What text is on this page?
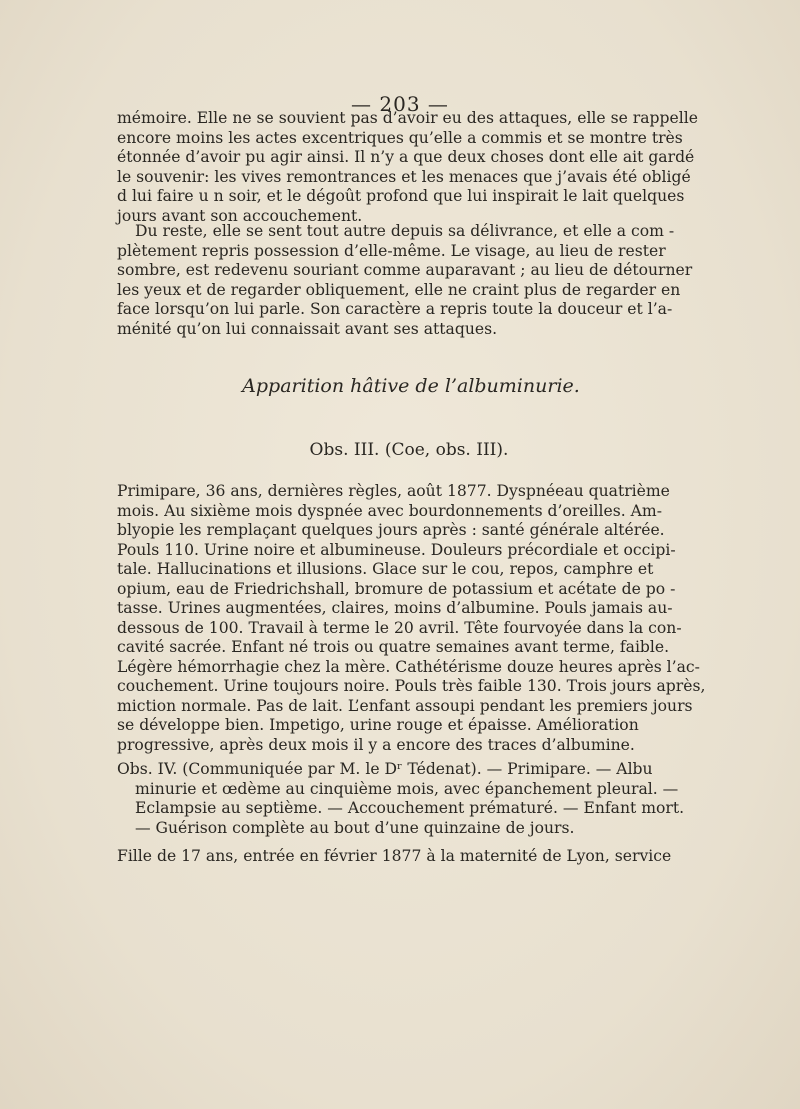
— 203 —
mémoire. Elle ne se souvient pas d’avoir eu des attaques, elle se rappelle
encore moins les actes excentriques qu’elle a commis et se montre très
étonnée d’avoir pu agir ainsi. Il n’y a que deux choses dont elle ait gardé
le souvenir: les vives remontrances et les menaces que j’avais été obligé
d lui faire u n soir, et le dégoût profond que lui inspirait le lait quelques
jours avant son accouchement.
Du reste, elle se sent tout autre depuis sa délivrance, et elle a com -
plètement repris possession d’elle-même. Le visage, au lieu de rester
sombre, est redevenu souriant comme auparavant ; au lieu de détourner
les yeux et de regarder obliquement, elle ne craint plus de regarder en
face lorsqu’on lui parle. Son caractère a repris toute la douceur et l’a-
ménité qu’on lui connaissait avant ses attaques.
Apparition hâtive de l’albuminurie.
Obs. III. (Coe, obs. III).
Primipare, 36 ans, dernières règles, août 1877. Dyspnéeau quatrième
mois. Au sixième mois dyspnée avec bourdonnements d’oreilles. Am-
blyopie les remplaçant quelques jours après : santé générale altérée.
Pouls 110. Urine noire et albumineuse. Douleurs précordiale et occipi-
tale. Hallucinations et illusions. Glace sur le cou, repos, camphre et
opium, eau de Friedrichshall, bromure de potassium et acétate de po -
tasse. Urines augmentées, claires, moins d’albumine. Pouls jamais au-
dessous de 100. Travail à terme le 20 avril. Tête fourvoyée dans la con-
cavité sacrée. Enfant né trois ou quatre semaines avant terme, faible.
Légère hémorrhagie chez la mère. Cathétérisme douze heures après l’ac-
couchement. Urine toujours noire. Pouls très faible 130. Trois jours après,
miction normale. Pas de lait. L’enfant assoupi pendant les premiers jours
se développe bien. Impetigo, urine rouge et épaisse. Amélioration
progressive, après deux mois il y a encore des traces d’albumine.
Obs. IV. (Communiquée par M. le Dʳ Tédenat). — Primipare. — Albu
minurie et œdème au cinquième mois, avec épanchement pleural. —
Eclampsie au septième. — Accouchement prématuré. — Enfant mort.
— Guérison complète au bout d’une quinzaine de jours.
Fille de 17 ans, entrée en février 1877 à la maternité de Lyon, service
